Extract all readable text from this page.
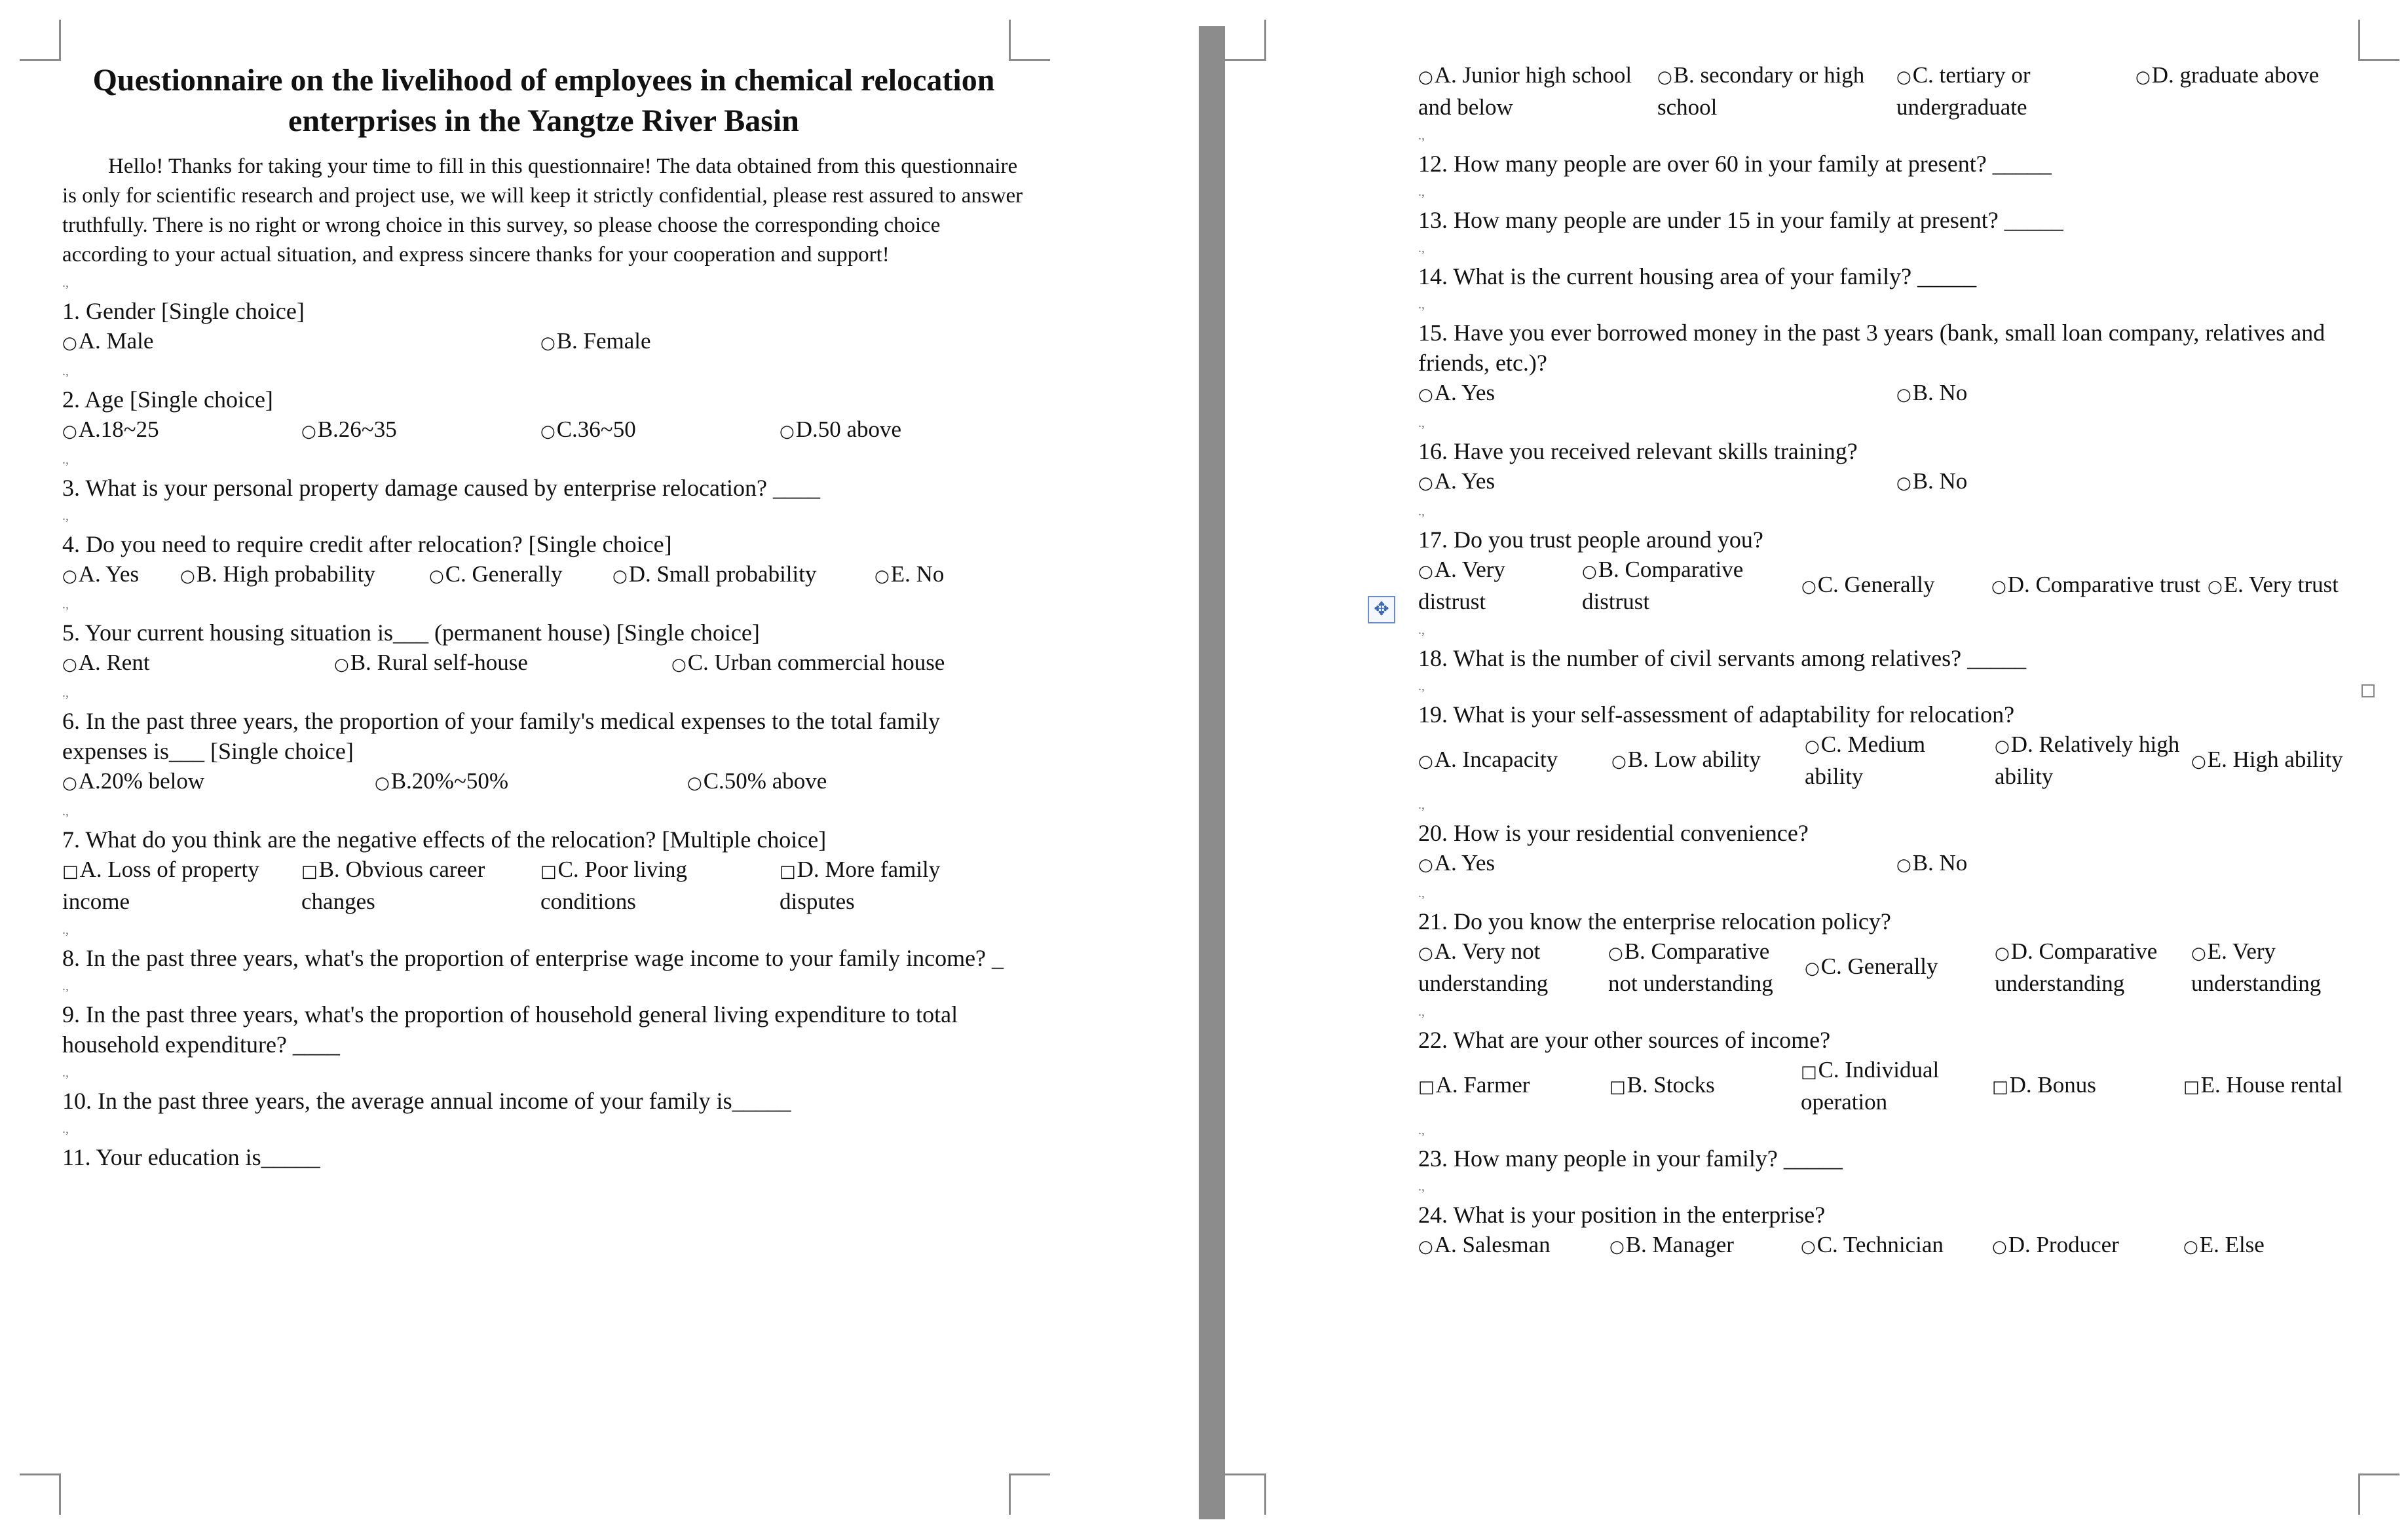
Questionnaire on the livelihood of employees in chemical relocation enterprises in the Yangtze River Basin

Hello! Thanks for taking your time to fill in this questionnaire! The data obtained from this questionnaire is only for scientific research and project use, we will keep it strictly confidential, please rest assured to answer truthfully. There is no right or wrong choice in this survey, so please choose the corresponding choice according to your actual situation, and express sincere thanks for your cooperation and support!

.,

1. Gender [Single choice]

○A. Male	○B. Female
.,

2. Age [Single choice]

○A.18~25	○B.26~35	○C.36~50	○D.50 above
.,

3. What is your personal property damage caused by enterprise relocation? ____

.,

4. Do you need to require credit after relocation? [Single choice]

○A. Yes	○B. High probability	○C. Generally	○D. Small probability	○E. No
.,

5. Your current housing situation is___ (permanent house) [Single choice]

○A. Rent	○B. Rural self-house	○C. Urban commercial house
.,

6. In the past three years, the proportion of your family's medical expenses to the total family expenses is___ [Single choice]

○A.20% below	○B.20%~50%	○C.50% above
.,

7. What do you think are the negative effects of the relocation? [Multiple choice]

□A. Loss of property income
□B. Obvious career changes
□C. Poor living conditions
□D. More family disputes
.,

8. In the past three years, what's the proportion of enterprise wage income to your family income? _

.,

9. In the past three years, what's the proportion of household general living expenditure to total household expenditure? ____

.,

10. In the past three years, the average annual income of your family is_____

.,

11. Your education is_____

○A. Junior high school and below
○B. secondary or high school
○C. tertiary or undergraduate
○D. graduate above
.,

12. How many people are over 60 in your family at present? _____

.,

13. How many people are under 15 in your family at present? _____

.,

14. What is the current housing area of your family? _____

.,

15. Have you ever borrowed money in the past 3 years (bank, small loan company, relatives and friends, etc.)?

○A. Yes	○B. No
.,

16. Have you received relevant skills training?

○A. Yes	○B. No
.,

17. Do you trust people around you?

○A. Very distrust
○B. Comparative distrust
○C. Generally	○D. Comparative trust ○E. Very trust
.,

18. What is the number of civil servants among relatives? _____

.,

19. What is your self-assessment of adaptability for relocation?

○A. Incapacity	○B. Low ability	○C. Medium ability
○D. Relatively high ability
○E. High ability
.,

20. How is your residential convenience?

○A. Yes	○B. No
.,

21. Do you know the enterprise relocation policy?

○A. Very not understanding
○B. Comparative not understanding
○C. Generally	○D. Comparative understanding
○E. Very understanding
.,

22. What are your other sources of income?

□A. Farmer	□B. Stocks	□C. Individual operation
□D. Bonus	□E. House rental
.,

23. How many people in your family? _____

.,

24. What is your position in the enterprise?

○A. Salesman	○B. Manager	○C. Technician	○D. Producer	○E. Else
✥
